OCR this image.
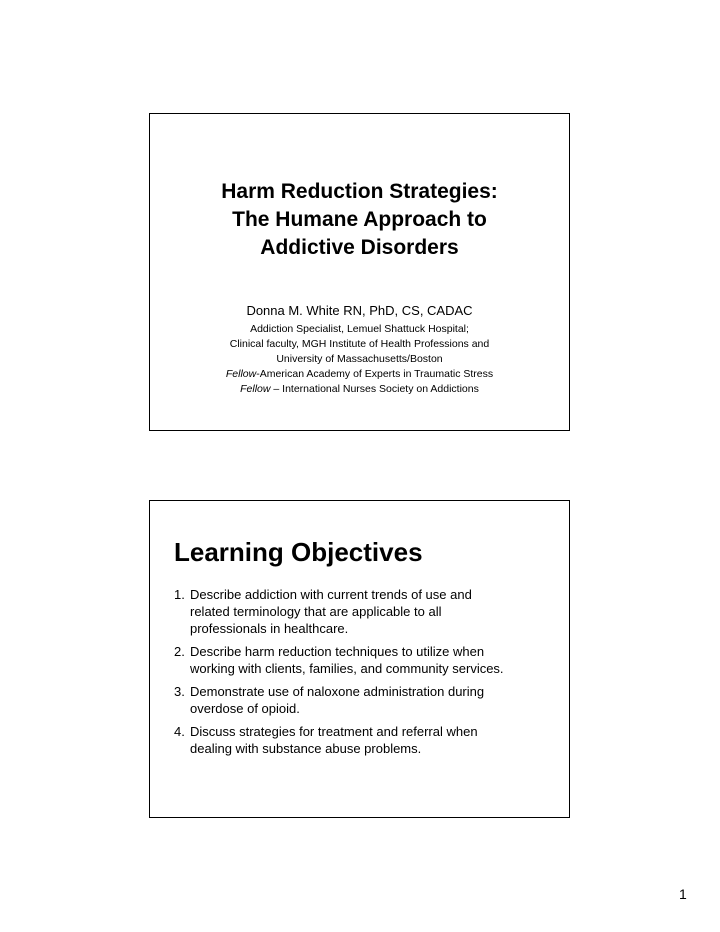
Harm Reduction Strategies:
The Humane Approach to
Addictive Disorders
Donna M. White RN, PhD, CS, CADAC
Addiction Specialist, Lemuel Shattuck Hospital;
Clinical faculty, MGH Institute of Health Professions and
University of Massachusetts/Boston
Fellow-American Academy of Experts in Traumatic Stress
Fellow – International Nurses Society on Addictions
Learning Objectives
1. Describe addiction with current trends of use and
related terminology that are applicable to all
professionals in healthcare.
2. Describe harm reduction techniques to utilize when
working with clients, families, and community services.
3. Demonstrate use of naloxone administration during
overdose of opioid.
4. Discuss strategies for treatment and referral when
dealing with substance abuse problems.
1
